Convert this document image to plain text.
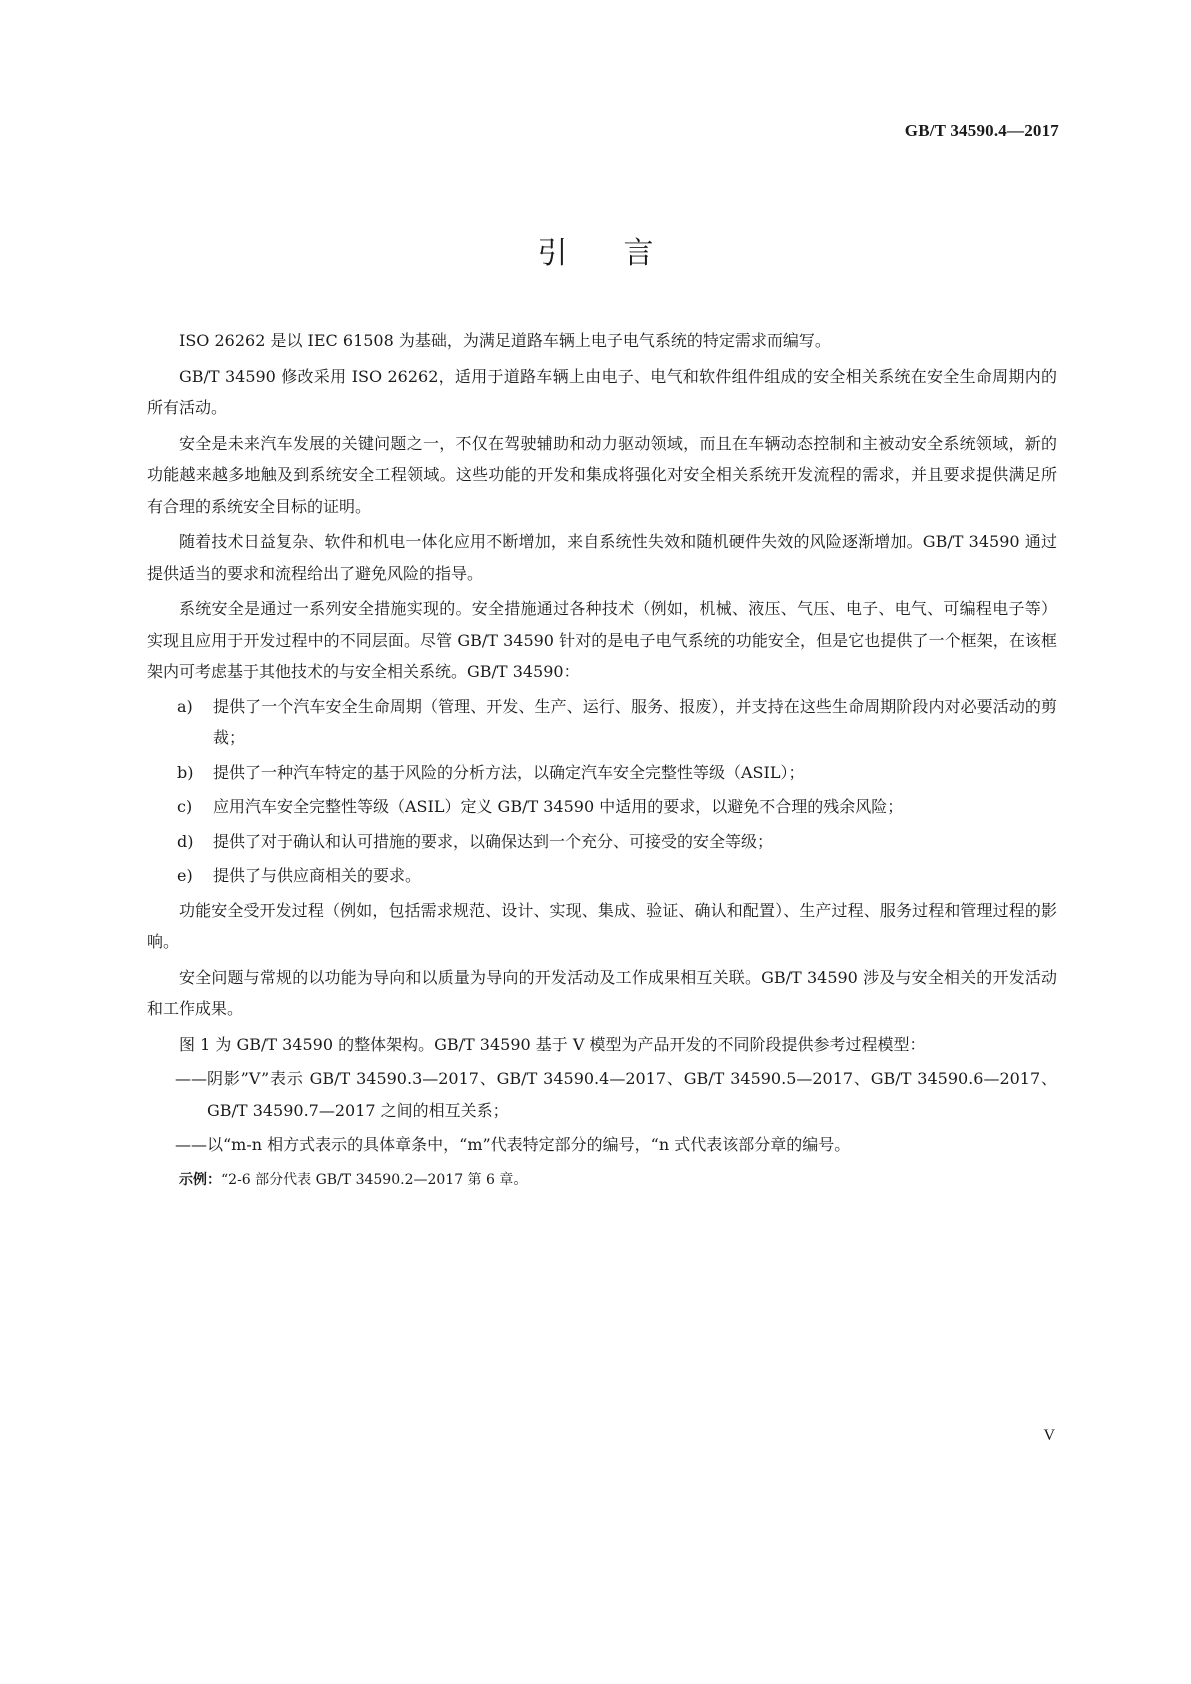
GB/T 34590.4—2017
引言

ISO 26262 是以 IEC 61508 为基础，为满足道路车辆上电子电气系统的特定需求而编写。

GB/T 34590 修改采用 ISO 26262，适用于道路车辆上由电子、电气和软件组件组成的安全相关系统在安全生命周期内的所有活动。

安全是未来汽车发展的关键问题之一，不仅在驾驶辅助和动力驱动领域，而且在车辆动态控制和主被动安全系统领域，新的功能越来越多地触及到系统安全工程领域。这些功能的开发和集成将强化对安全相关系统开发流程的需求，并且要求提供满足所有合理的系统安全目标的证明。

随着技术日益复杂、软件和机电一体化应用不断增加，来自系统性失效和随机硬件失效的风险逐渐增加。GB/T 34590 通过提供适当的要求和流程给出了避免风险的指导。

系统安全是通过一系列安全措施实现的。安全措施通过各种技术（例如，机械、液压、气压、电子、电气、可编程电子等）实现且应用于开发过程中的不同层面。尽管 GB/T 34590 针对的是电子电气系统的功能安全，但是它也提供了一个框架，在该框架内可考虑基于其他技术的与安全相关系统。GB/T 34590：

a) 提供了一个汽车安全生命周期（管理、开发、生产、运行、服务、报废），并支持在这些生命周期阶段内对必要活动的剪裁；
b) 提供了一种汽车特定的基于风险的分析方法，以确定汽车安全完整性等级（ASIL）；
c) 应用汽车安全完整性等级（ASIL）定义 GB/T 34590 中适用的要求，以避免不合理的残余风险；
d) 提供了对于确认和认可措施的要求，以确保达到一个充分、可接受的安全等级；
e) 提供了与供应商相关的要求。

功能安全受开发过程（例如，包括需求规范、设计、实现、集成、验证、确认和配置）、生产过程、服务过程和管理过程的影响。

安全问题与常规的以功能为导向和以质量为导向的开发活动及工作成果相互关联。GB/T 34590 涉及与安全相关的开发活动和工作成果。

图 1 为 GB/T 34590 的整体架构。GB/T 34590 基于 V 模型为产品开发的不同阶段提供参考过程模型：

—— 阴影”V”表示 GB/T 34590.3—2017、GB/T 34590.4—2017、GB/T 34590.5—2017、GB/T 34590.6—2017、GB/T 34590.7—2017 之间的相互关系；
—— 以“m-n 相方式表示的具体章条中，“m”代表特定部分的编号，“n 式代表该部分章的编号。
示例：“2-6 部分代表 GB/T 34590.2—2017 第 6 章。
V
